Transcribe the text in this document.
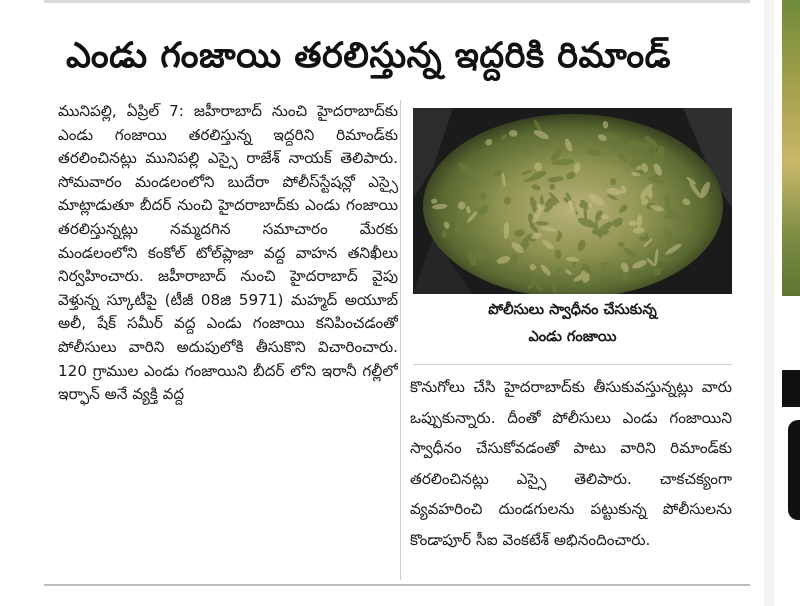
ఎండు గంజాయి తరలిస్తున్న ఇద్దరికి రిమాండ్

మునిపల్లి, ఏప్రిల్ 7: జహీరాబాద్ నుంచి హైదరాబాద్‌కు ఎండు గంజాయి తరలిస్తున్న ఇద్దరిని రిమాండ్‌కు తరలించినట్లు మునిపల్లి ఎస్సై రాజేశ్ నాయక్ తెలిపారు. సోమవారం మండలంలోని బుదేరా పోలీస్‌స్టేషన్లో ఎస్సై మాట్లాడుతూ బీదర్ నుంచి హైదరాబాద్‌కు ఎండు గంజాయి తరలిస్తున్నట్లు నమ్మదగిన సమాచారం మేరకు మండలంలోని కంకోల్ టోల్‌ప్లాజా వద్ద వాహన తనిఖీలు నిర్వహించారు. జహీరాబాద్ నుంచి హైదరాబాద్ వైపు వెళ్తున్న స్కూటీపై (టీజీ 08జి 5971) మహ్మద్ అయూబ్ అలీ, షేక్ సమీర్ వద్ద ఎండు గంజాయి కనిపించడంతో పోలీసులు వారిని అదుపులోకి తీసుకొని విచారించారు. 120 గ్రాముల ఎండు గంజాయిని బీదర్ లోని ఇరానీ గల్లీలో ఇర్ఫాన్ అనే వ్యక్తి వద్ద

పోలీసులు స్వాధీనం చేసుకున్న
ఎండు గంజాయి

కొనుగోలు చేసి హైదరాబాద్‌కు తీసుకువస్తున్నట్లు వారు ఒప్పుకున్నారు. దీంతో పోలీసులు ఎండు గంజాయిని స్వాధీనం చేసుకోవడంతో పాటు వారిని రిమాండ్‌కు తరలించినట్లు ఎస్సై తెలిపారు. చాకచక్యంగా వ్యవహరించి దుండగులను పట్టుకున్న పోలీసులను కొండాపూర్ సీఐ వెంకటేశ్ అభినందించారు.
